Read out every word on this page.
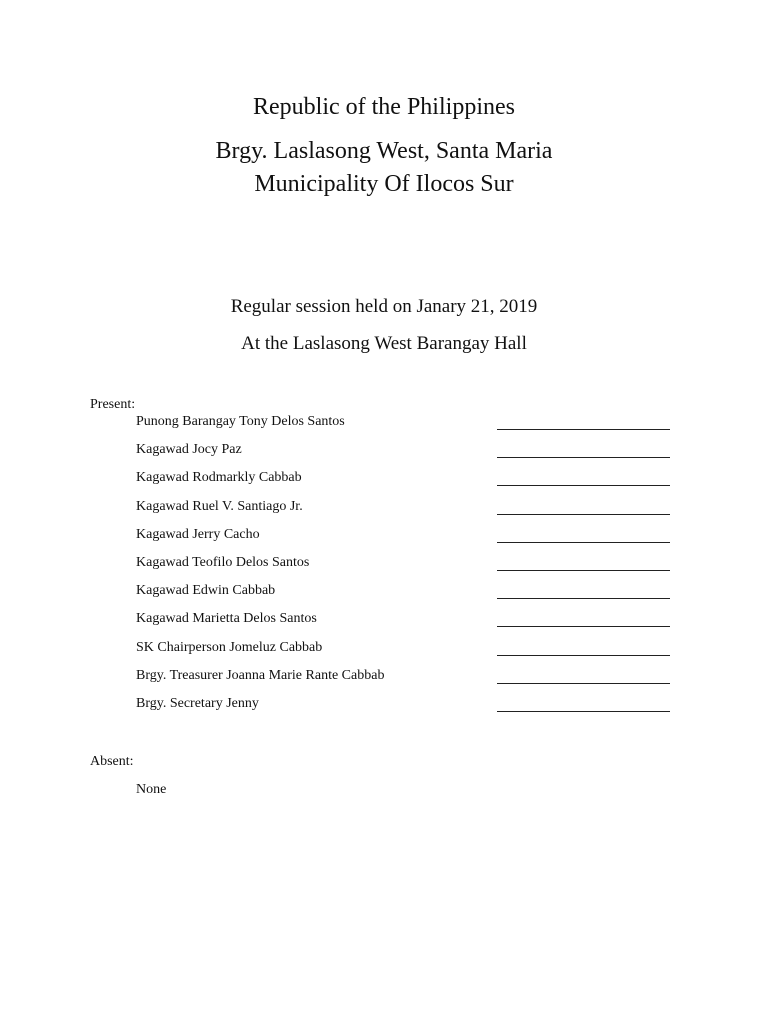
Republic of the Philippines
Brgy. Laslasong West, Santa Maria
Municipality Of Ilocos Sur
Regular session held on Janary 21, 2019
At the Laslasong West Barangay Hall
Present:
Punong Barangay Tony Delos Santos
Kagawad Jocy Paz
Kagawad Rodmarkly Cabbab
Kagawad Ruel V. Santiago Jr.
Kagawad Jerry Cacho
Kagawad Teofilo Delos Santos
Kagawad Edwin Cabbab
Kagawad Marietta Delos Santos
SK Chairperson Jomeluz Cabbab
Brgy. Treasurer Joanna Marie Rante Cabbab
Brgy. Secretary Jenny
Absent:
None
